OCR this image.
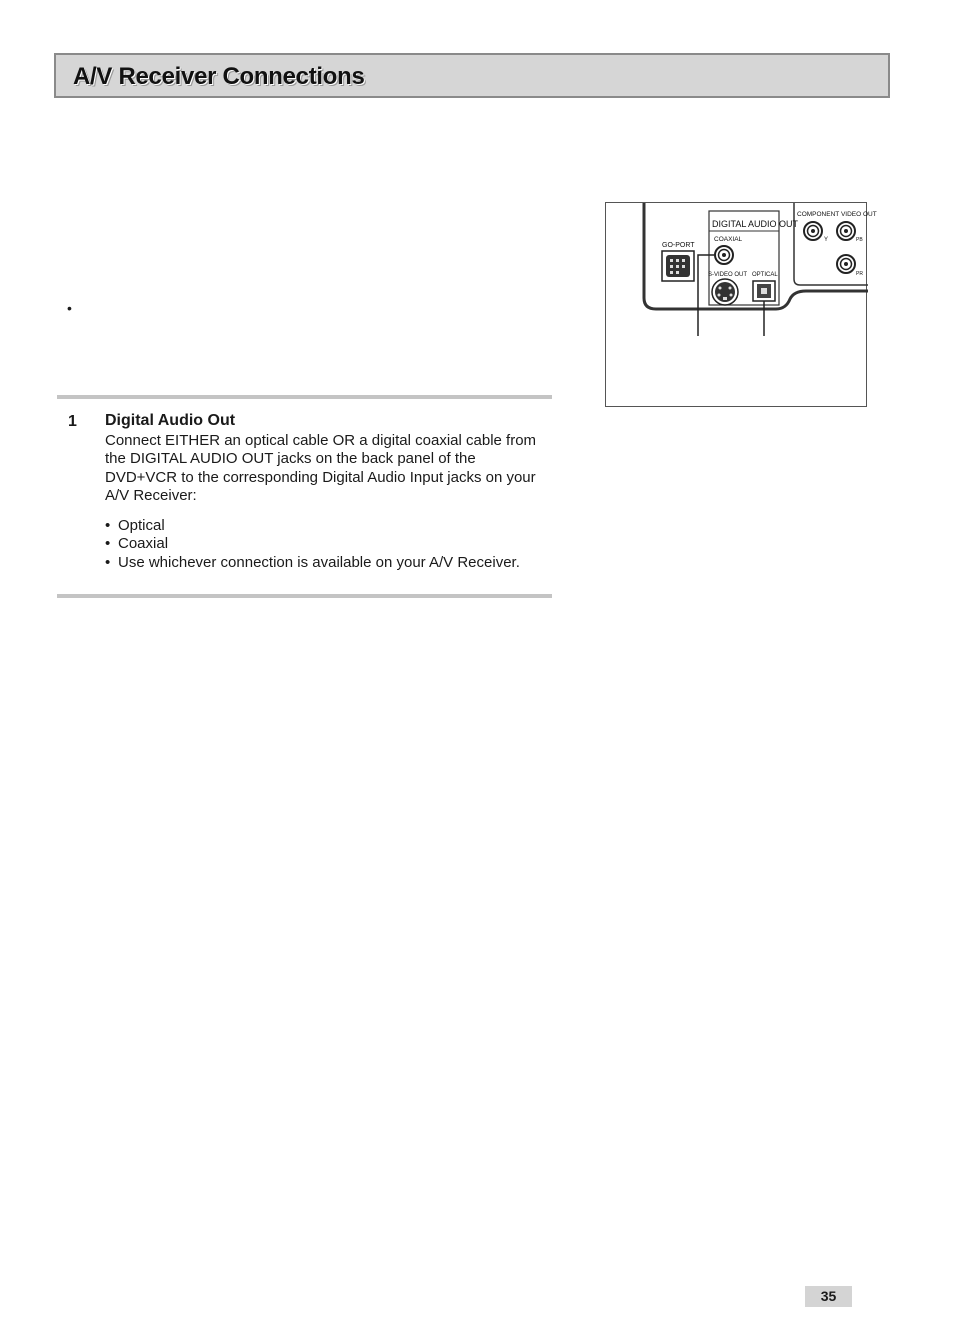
A/V Receiver Connections
•
1 Digital Audio Out

Connect EITHER an optical cable OR a digital coaxial cable from the DIGITAL AUDIO OUT jacks on the back panel of the DVD+VCR to the corresponding Digital Audio Input jacks on your A/V Receiver:

• Optical
• Coaxial
• Use whichever connection is available on your A/V Receiver.
DIGITAL AUDIO OUT
COAXIAL
GO-PORT
S-VIDEO OUT OPTICAL
COMPONENT VIDEO OUT
Y	PB
PR
35
